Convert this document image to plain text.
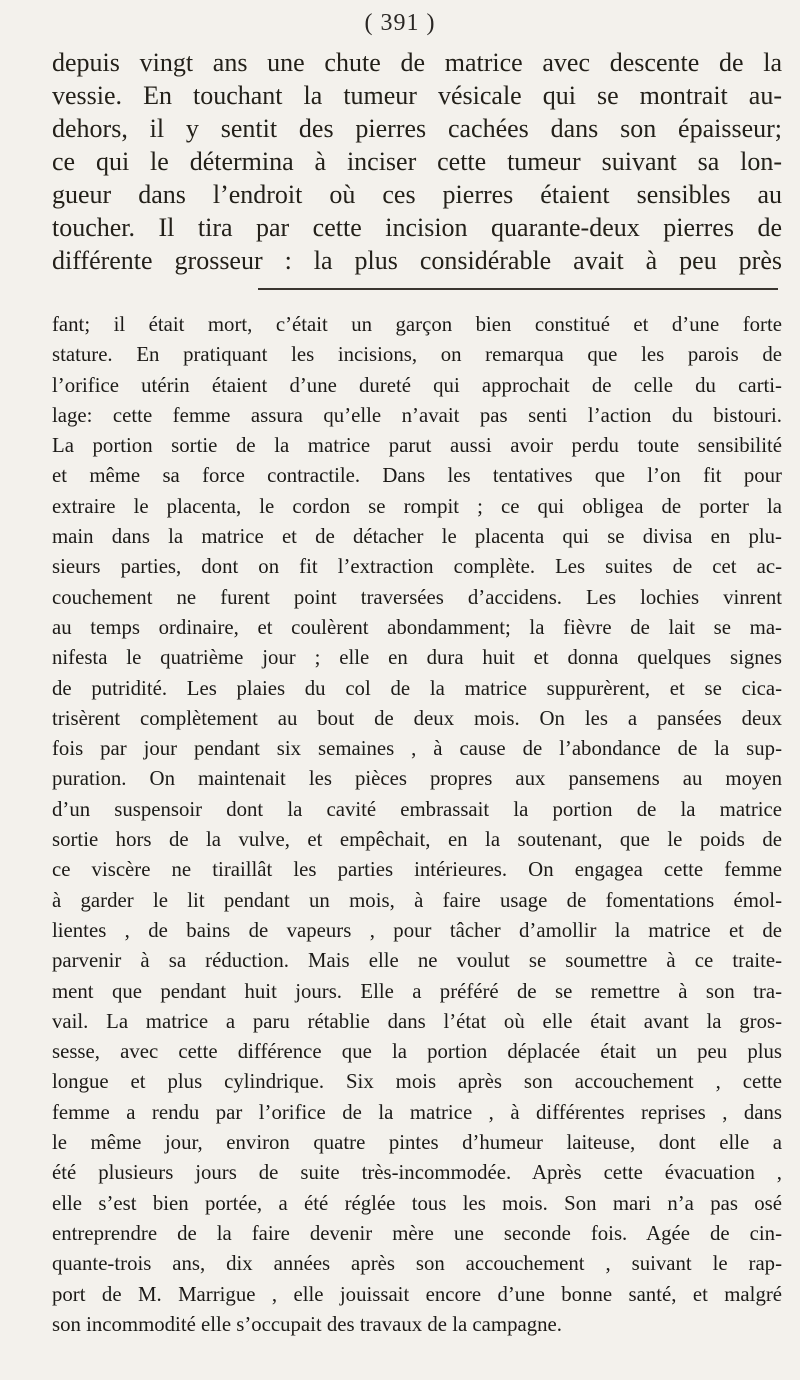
( 391 )
depuis vingt ans une chute de matrice avec descente de la
vessie. En touchant la tumeur vésicale qui se montrait au-
dehors, il y sentit des pierres cachées dans son épaisseur;
ce qui le détermina à inciser cette tumeur suivant sa lon-
gueur dans l’endroit où ces pierres étaient sensibles au
toucher. Il tira par cette incision quarante-deux pierres de
différente grosseur : la plus considérable avait à peu près
fant; il était mort, c’était un garçon bien constitué et d’une forte
stature. En pratiquant les incisions, on remarqua que les parois de
l’orifice utérin étaient d’une dureté qui approchait de celle du carti-
lage: cette femme assura qu’elle n’avait pas senti l’action du bistouri.
La portion sortie de la matrice parut aussi avoir perdu toute sensibilité
et même sa force contractile. Dans les tentatives que l’on fit pour
extraire le placenta, le cordon se rompit ; ce qui obligea de porter la
main dans la matrice et de détacher le placenta qui se divisa en plu-
sieurs parties, dont on fit l’extraction complète. Les suites de cet ac-
couchement ne furent point traversées d’accidens. Les lochies vinrent
au temps ordinaire, et coulèrent abondamment; la fièvre de lait se ma-
nifesta le quatrième jour ; elle en dura huit et donna quelques signes
de putridité. Les plaies du col de la matrice suppurèrent, et se cica-
trisèrent complètement au bout de deux mois. On les a pansées deux
fois par jour pendant six semaines , à cause de l’abondance de la sup-
puration. On maintenait les pièces propres aux pansemens au moyen
d’un suspensoir dont la cavité embrassait la portion de la matrice
sortie hors de la vulve, et empêchait, en la soutenant, que le poids de
ce viscère ne tiraillât les parties intérieures. On engagea cette femme
à garder le lit pendant un mois, à faire usage de fomentations émol-
lientes , de bains de vapeurs , pour tâcher d’amollir la matrice et de
parvenir à sa réduction. Mais elle ne voulut se soumettre à ce traite-
ment que pendant huit jours. Elle a préféré de se remettre à son tra-
vail. La matrice a paru rétablie dans l’état où elle était avant la gros-
sesse, avec cette différence que la portion déplacée était un peu plus
longue et plus cylindrique. Six mois après son accouchement , cette
femme a rendu par l’orifice de la matrice , à différentes reprises , dans
le même jour, environ quatre pintes d’humeur laiteuse, dont elle a
été plusieurs jours de suite très-incommodée. Après cette évacuation ,
elle s’est bien portée, a été réglée tous les mois. Son mari n’a pas osé
entreprendre de la faire devenir mère une seconde fois. Agée de cin-
quante-trois ans, dix années après son accouchement , suivant le rap-
port de M. Marrigue , elle jouissait encore d’une bonne santé, et malgré
son incommodité elle s’occupait des travaux de la campagne.
